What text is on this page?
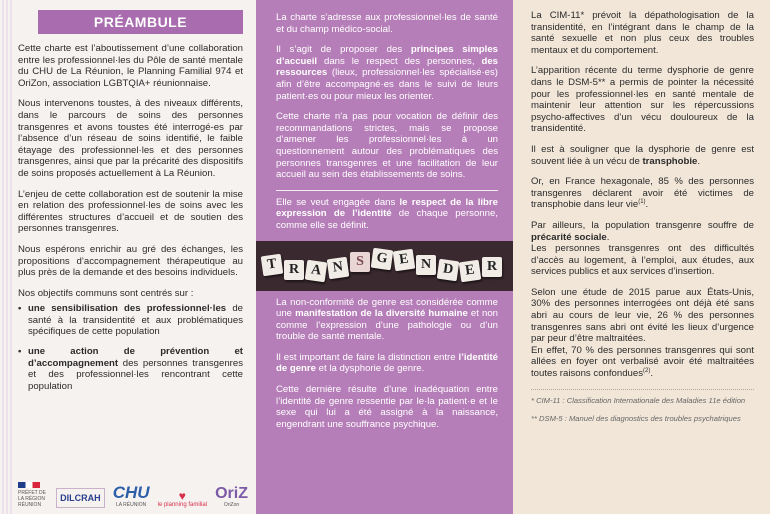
PRÉAMBULE

Cette charte est l’aboutissement d’une collaboration entre les professionnel·les du Pôle de santé mentale du CHU de La Réunion, le Planning Familial 974 et OriZon, association LGBTQIA+ réunionnaise.

Nous intervenons toustes, à des niveaux différents, dans le parcours de soins des personnes transgenres et avons toustes été interrogé-es par l’absence d’un réseau de soins identifié, le faible étayage des professionnel·les et des personnes transgenres, ainsi que par la précarité des dispositifs de soins proposés actuellement à La Réunion.

L’enjeu de cette collaboration est de soutenir la mise en relation des professionnel·les de soins avec les différentes structures d’accueil et de soutien des personnes transgenres.

Nous espérons enrichir au gré des échanges, les propositions d’accompagnement thérapeutique au plus près de la demande et des besoins individuels.

Nos objectifs communs sont centrés sur :

• une sensibilisation des professionnel·les de santé à la transidentité et aux problématiques spécifiques de cette population
• une action de prévention et d’accompagnement des personnes transgenres et des professionnel·les rencontrant cette population
PRÉFET DE LA RÉGION RÉUNION
DILCRAH CHU
LA RÉUNION
♥
le planning familial
OriZ
OriZon

La charte s’adresse aux professionnel·les de santé et du champ médico-social.

Il s’agit de proposer des principes simples d’accueil dans le respect des personnes, des ressources (lieux, professionnel·les spécialisé·es) afin d’être accompagné·es dans le suivi de leurs patient·es ou pour mieux les orienter.

Cette charte n’a pas pour vocation de définir des recommandations strictes, mais se propose d’amener les professionnel·les à un questionnement autour des problématiques des personnes transgenres et une facilitation de leur accueil au sein des établissements de soins.

Elle se veut engagée dans le respect de la libre expression de l’identité de chaque personne, comme elle se définit.

T R A N S G E N D E R

La non-conformité de genre est considérée comme une manifestation de la diversité humaine et non comme l’expression d’une pathologie ou d’un trouble de santé mentale.

Il est important de faire la distinction entre l’identité de genre et la dysphorie de genre.

Cette dernière résulte d’une inadéquation entre l’identité de genre ressentie par le·la patient·e et le sexe qui lui a été assigné à la naissance, engendrant une souffrance psychique.

La CIM-11* prévoit la dépathologisation de la transidentité, en l’intégrant dans le champ de la santé sexuelle et non plus ceux des troubles mentaux et du comportement.

L’apparition récente du terme dysphorie de genre dans le DSM-5** a permis de pointer la nécessité pour les professionnel·les en santé mentale de maintenir leur attention sur les répercussions psycho-affectives d’un vécu douloureux de la transidentité.

Il est à souligner que la dysphorie de genre est souvent liée à un vécu de transphobie.

Or, en France hexagonale, 85 % des personnes transgenres déclarent avoir été victimes de transphobie dans leur vie$^{(1)}$.

Par ailleurs, la population transgenre souffre de précarité sociale.

Les personnes transgenres ont des difficultés d’accès au logement, à l’emploi, aux études, aux services publics et aux services d’insertion.

Selon une étude de 2015 parue aux États-Unis, 30% des personnes interrogées ont déjà été sans abri au cours de leur vie, 26 % des personnes transgenres sans abri ont évité les lieux d’urgence par peur d’être maltraitées.

En effet, 70 % des personnes transgenres qui sont allées en foyer ont verbalisé avoir été maltraitées toutes raisons confondues$^{(2)}$.

* CIM-11 : Classification Internationale des Maladies 11e édition

** DSM-5 : Manuel des diagnostics des troubles psychatriques
